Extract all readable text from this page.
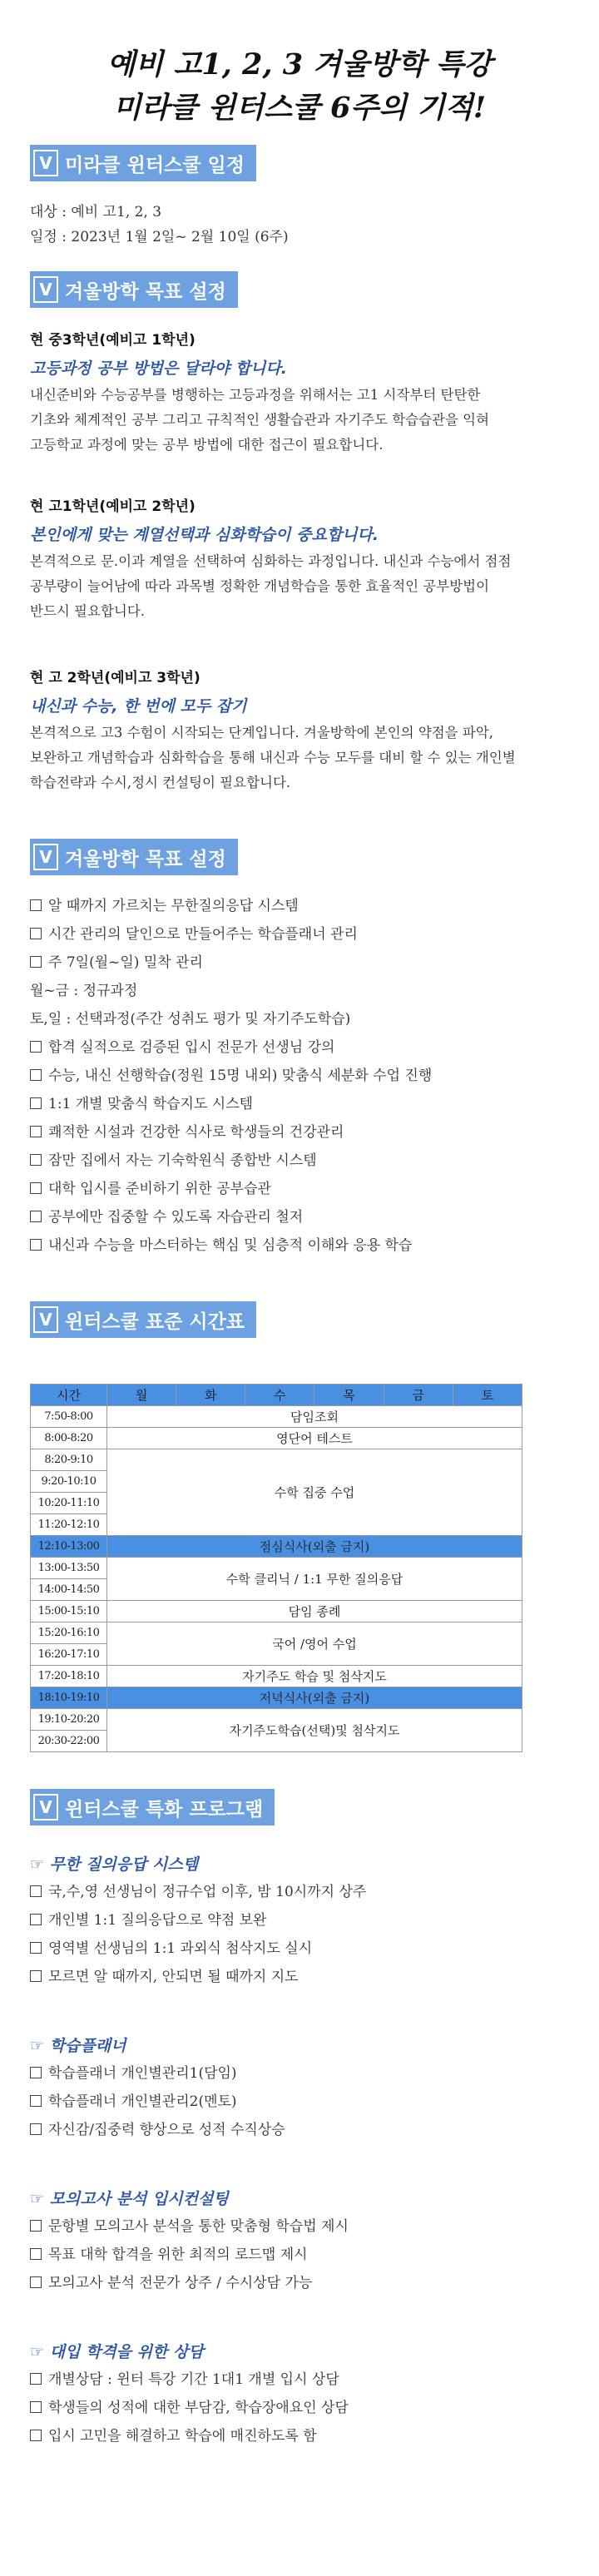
예비 고1, 2, 3 겨울방학 특강
미라클 윈터스쿨 6주의 기적!
V 미라클 윈터스쿨 일정
대상 : 예비 고1, 2, 3
일정 : 2023년 1월 2일~ 2월 10일 (6주)
V 겨울방학 목표 설정
현 중3학년(예비고 1학년)
고등과정 공부 방법은 달라야 합니다.
내신준비와 수능공부를 병행하는 고등과정을 위해서는 고1 시작부터 탄탄한
기초와 체계적인 공부 그리고 규칙적인 생활습관과 자기주도 학습습관을 익혀
고등학교 과정에 맞는 공부 방법에 대한 접근이 필요합니다.
현 고1학년(예비고 2학년)
본인에게 맞는 계열선택과 심화학습이 중요합니다.
본격적으로 문.이과 계열을 선택하여 심화하는 과정입니다. 내신과 수능에서 점점
공부량이 늘어남에 따라 과목별 정확한 개념학습을 통한 효율적인 공부방법이
반드시 필요합니다.
현 고 2학년(예비고 3학년)
내신과 수능, 한 번에 모두 잡기
본격적으로 고3 수험이 시작되는 단계입니다. 겨울방학에 본인의 약점을 파악,
보완하고 개념학습과 심화학습을 통해 내신과 수능 모두를 대비 할 수 있는 개인별
학습전략과 수시,정시 컨설팅이 필요합니다.
V 겨울방학 목표 설정
알 때까지 가르치는 무한질의응답 시스템
시간 관리의 달인으로 만들어주는 학습플래너 관리
주 7일(월~일) 밀착 관리
월~금 : 정규과정
토,일 : 선택과정(주간 성취도 평가 및 자기주도학습)
합격 실적으로 검증된 입시 전문가 선생님 강의
수능, 내신 선행학습(정원 15명 내외) 맞춤식 세분화 수업 진행
1:1 개별 맞춤식 학습지도 시스템
쾌적한 시설과 건강한 식사로 학생들의 건강관리
잠만 집에서 자는 기숙학원식 종합반 시스템
대학 입시를 준비하기 위한 공부습관
공부에만 집중할 수 있도록 자습관리 철저
내신과 수능을 마스터하는 핵심 및 심층적 이해와 응용 학습
V 윈터스쿨 표준 시간표
시간	월	화	수	목	금	토
7:50-8:00	담임조회					
8:00-8:20	영단어 테스트					
8:20-9:10	수학 집중 수업					
9:20-10:10						
10:20-11:10						
11:20-12:10						
12:10-13:00	점심식사(외출 금지)					
13:00-13:50	수학 클리닉 / 1:1 무한 질의응답					
14:00-14:50						
15:00-15:10	담임 종례					
15:20-16:10	국어 /영어 수업					
16:20-17:10						
17:20-18:10	자기주도 학습 및 첨삭지도					
18:10-19:10	저녁식사(외출 금지)					
19:10-20:20	자기주도학습(선택)및 첨삭지도					
20:30-22:00						
V 윈터스쿨 특화 프로그램
☞ 무한 질의응답 시스템
국,수,영 선생님이 정규수업 이후, 밤 10시까지 상주
개인별 1:1 질의응답으로 약점 보완
영역별 선생님의 1:1 과외식 첨삭지도 실시
모르면 알 때까지, 안되면 될 때까지 지도
☞ 학습플래너
학습플래너 개인별관리1(담임)
학습플래너 개인별관리2(멘토)
자신감/집중력 향상으로 성적 수직상승
☞ 모의고사 분석 입시컨설팅
문항별 모의고사 분석을 통한 맞춤형 학습법 제시
목표 대학 합격을 위한 최적의 로드맵 제시
모의고사 분석 전문가 상주 / 수시상담 가능
☞ 대입 학격을 위한 상담
개별상담 : 윈터 특강 기간 1대1 개별 입시 상담
학생들의 성적에 대한 부담감, 학습장애요인 상담
입시 고민을 해결하고 학습에 매진하도록 함
